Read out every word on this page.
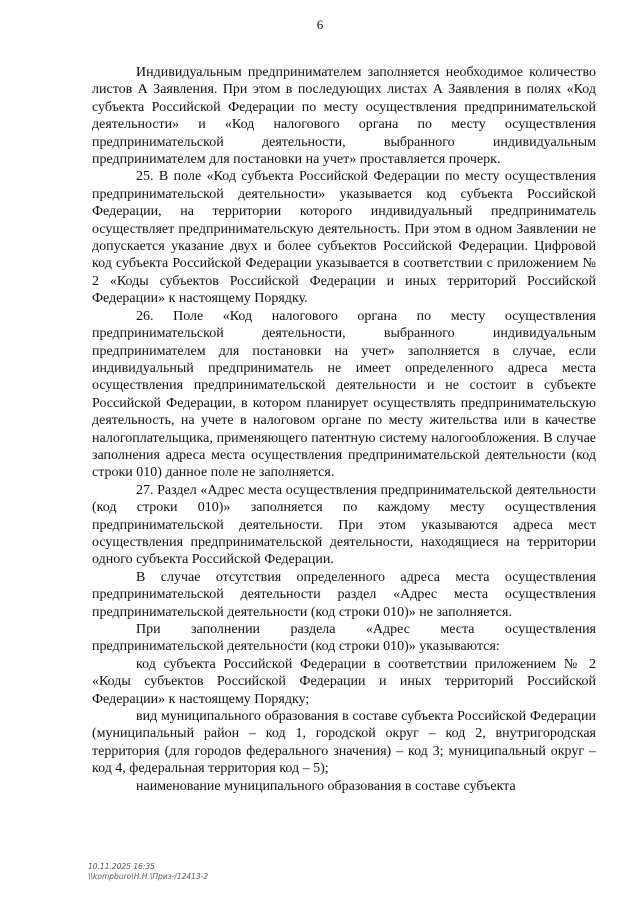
6

Индивидуальным предпринимателем заполняется необходимое количество листов А Заявления. При этом в последующих листах А Заявления в полях «Код субъекта Российской Федерации по месту осуществления предпринимательской деятельности» и «Код налогового органа по месту осуществления предпринимательской деятельности, выбранного индивидуальным предпринимателем для постановки на учет» проставляется прочерк.

25. В поле «Код субъекта Российской Федерации по месту осуществления предпринимательской деятельности» указывается код субъекта Российской Федерации, на территории которого индивидуальный предприниматель осуществляет предпринимательскую деятельность. При этом в одном Заявлении не допускается указание двух и более субъектов Российской Федерации. Цифровой код субъекта Российской Федерации указывается в соответствии с приложением № 2 «Коды субъектов Российской Федерации и иных территорий Российской Федерации» к настоящему Порядку.

26. Поле «Код налогового органа по месту осуществления предпринимательской деятельности, выбранного индивидуальным предпринимателем для постановки на учет» заполняется в случае, если индивидуальный предприниматель не имеет определенного адреса места осуществления предпринимательской деятельности и не состоит в субъекте Российской Федерации, в котором планирует осуществлять предпринимательскую деятельность, на учете в налоговом органе по месту жительства или в качестве налогоплательщика, применяющего патентную систему налогообложения. В случае заполнения адреса места осуществления предпринимательской деятельности (код строки 010) данное поле не заполняется.

27. Раздел «Адрес места осуществления предпринимательской деятельности (код строки 010)» заполняется по каждому месту осуществления предпринимательской деятельности. При этом указываются адреса мест осуществления предпринимательской деятельности, находящиеся на территории одного субъекта Российской Федерации.

В случае отсутствия определенного адреса места осуществления предпринимательской деятельности раздел «Адрес места осуществления предпринимательской деятельности (код строки 010)» не заполняется.

При заполнении раздела «Адрес места осуществления предпринимательской деятельности (код строки 010)» указываются:

код субъекта Российской Федерации в соответствии приложением № 2 «Коды субъектов Российской Федерации и иных территорий Российской Федерации» к настоящему Порядку;

вид муниципального образования в составе субъекта Российской Федерации (муниципальный район – код 1, городской округ – код 2, внутригородская территория (для городов федерального значения) – код 3; муниципальный округ – код 4, федеральная территория код – 5);

наименование муниципального образования в составе субъекта

10.11.2025 16:35
\\kompburo\Н.Н.\Приз-/12413-2
